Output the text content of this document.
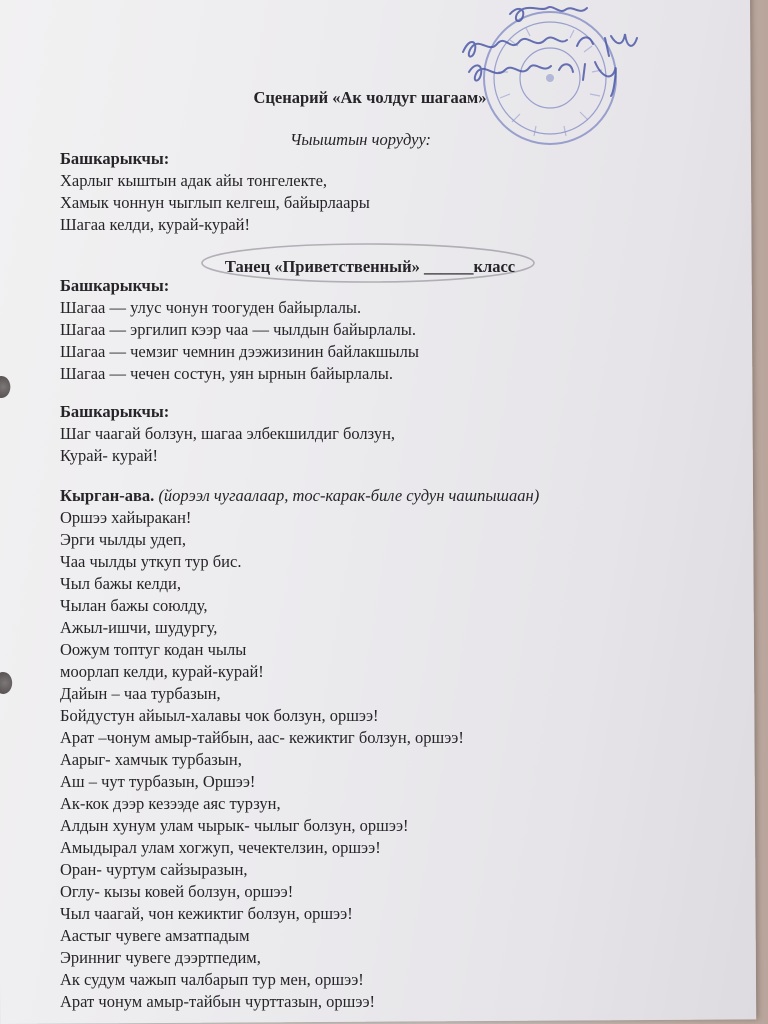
Сценарий «Ак чолдуг шагаам»
Чыыштын чорудуу:
Башкарыкчы:
Харлыг кыштын адак айы тонгелекте,
Хамык чоннун чыглып келгеш, байырлаары
Шагаа келди, курай-курай!
Танец «Приветственный» ______класс
Башкарыкчы:
Шагаа — улус чонун тоогуден байырлалы.
Шагаа — эргилип кээр чаа — чылдын байырлалы.
Шагаа — чемзиг чемнин дээжизинин байлакшылы
Шагаа — чечен состун, уян ырнын байырлалы.
Башкарыкчы:
Шаг чаагай болзун, шагаа элбекшилдиг болзун,
Курай- курай!
Кырган-ава. (йорээл чугаалаар, тос-карак-биле судун чашпышаан)
Оршээ хайыракан!
Эрги чылды удеп,
Чаа чылды уткуп тур бис.
Чыл бажы келди,
Чылан бажы союлду,
Ажыл-ишчи, шудургу,
Оожум топтуг кодан чылы
моорлап келди, курай-курай!
Дайын – чаа турбазын,
Бойдустун айыыл-халавы чок болзун, оршээ!
Арат –чонум амыр-тайбын, аас- кежиктиг болзун, оршээ!
Аарыг- хамчык турбазын,
Аш – чут турбазын, Оршээ!
Ак-кок дээр кезээде аяс турзун,
Алдын хунум улам чырык- чылыг болзун, оршээ!
Амыдырал улам хогжуп, чечектелзин, оршээ!
Оран- чуртум сайзыразын,
Оглу- кызы ковей болзун, оршээ!
Чыл чаагай, чон кежиктиг болзун, оршээ!
Аастыг чувеге амзатпадым
Эринниг чувеге дээртпедим,
Ак судум чажып чалбарып тур мен, оршээ!
Арат чонум амыр-тайбын чурттазын, оршээ!
